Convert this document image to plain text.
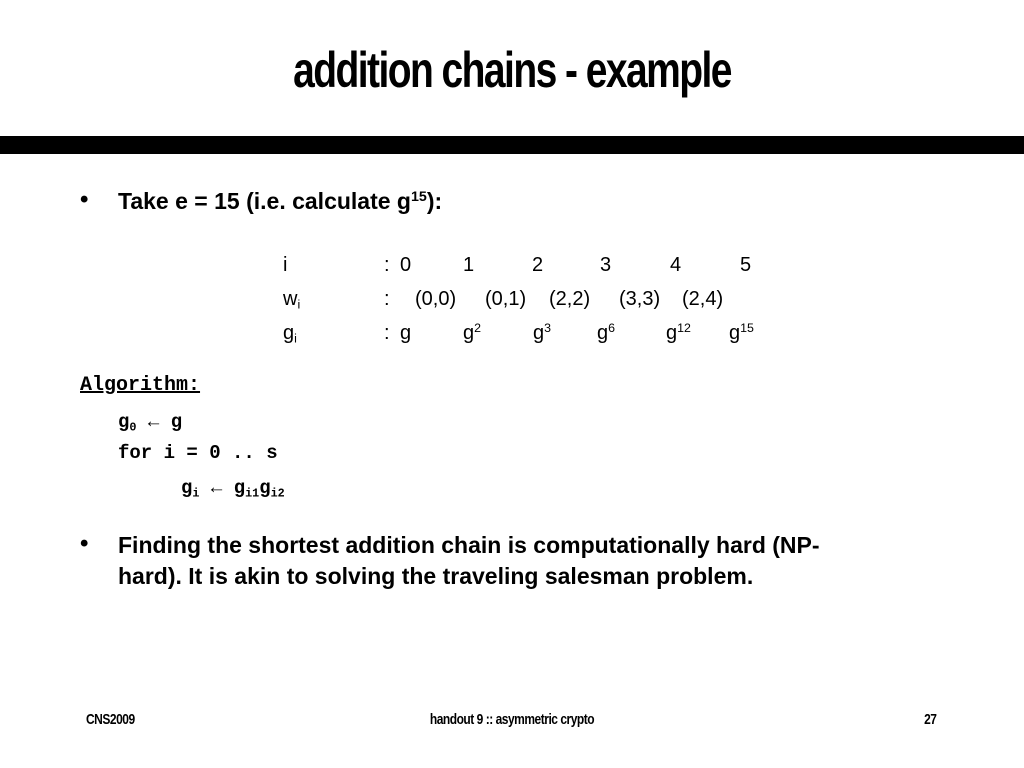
addition chains - example
• Take e = 15 (i.e. calculate $g^{15}$):
i	: 0	1	2	3	4	5
$w_i$	: (0,0) (0,1) (2,2) (3,3) (2,4)
$g_i$	: g	$g^2$	$g^3$ $g^6$	$g^{12}$ $g^{15}$
Algorithm:
$g_0$ ← g
for i = 0 .. s
$g_i$ ← $g_{i1}g_{i2}$
• Finding the shortest addition chain is computationally hard (NP-
hard). It is akin to solving the traveling salesman problem.
CNS2009	handout 9 :: asymmetric crypto	27
